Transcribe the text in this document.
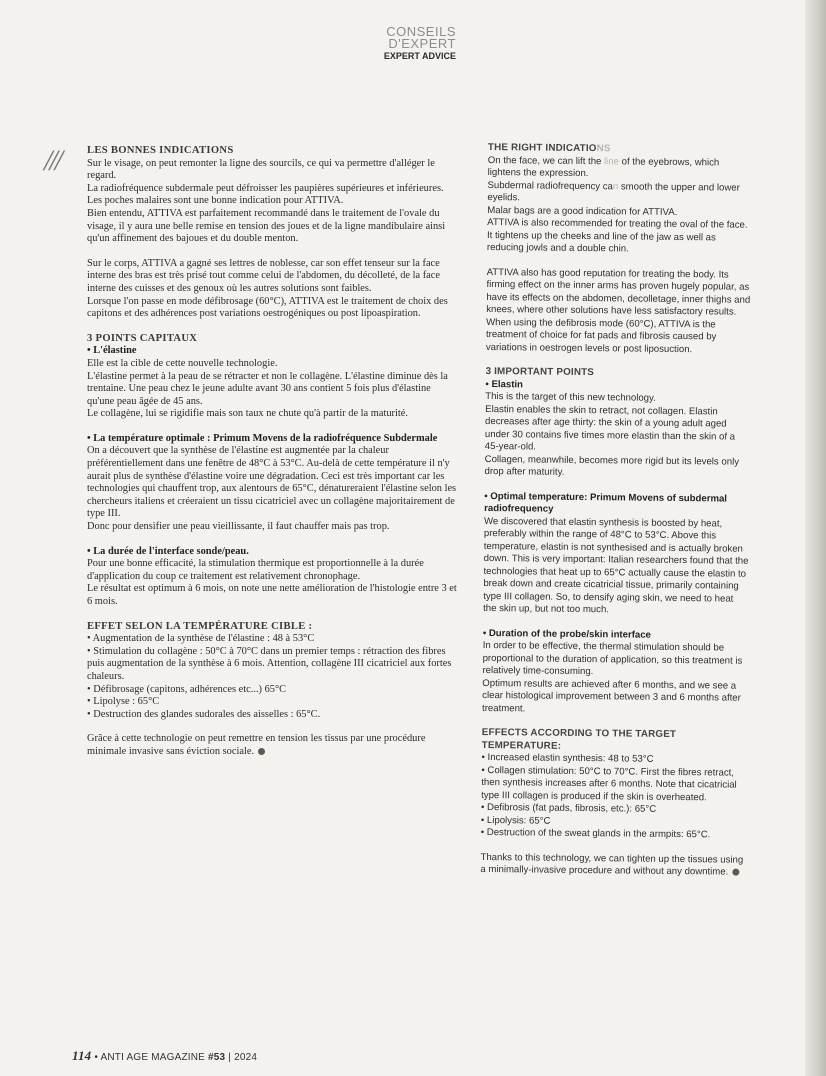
CONSEILS
D'EXPERT
EXPERT ADVICE
///	LES BONNES INDICATIONS

Sur le visage, on peut remonter la ligne des sourcils, ce qui va permettre d'alléger le regard.

La radiofréquence subdermale peut défroisser les paupières supérieures et inférieures.

Les poches malaires sont une bonne indication pour ATTIVA.

Bien entendu, ATTIVA est parfaitement recommandé dans le traitement de l'ovale du visage, il y aura une belle remise en tension des joues et de la ligne mandibulaire ainsi qu'un affinement des bajoues et du double menton.

Sur le corps, ATTIVA a gagné ses lettres de noblesse, car son effet tenseur sur la face interne des bras est très prisé tout comme celui de l'abdomen, du décolleté, de la face interne des cuisses et des genoux où les autres solutions sont faibles.

Lorsque l'on passe en mode défibrosage (60°C), ATTIVA est le traitement de choix des capitons et des adhérences post variations oestrogéniques ou post lipoaspiration.

3 POINTS CAPITAUX

• L'élastine

Elle est la cible de cette nouvelle technologie.

L'élastine permet à la peau de se rétracter et non le collagène. L'élastine diminue dès la trentaine. Une peau chez le jeune adulte avant 30 ans contient 5 fois plus d'élastine qu'une peau âgée de 45 ans.

Le collagène, lui se rigidifie mais son taux ne chute qu'à partir de la maturité.

• La température optimale : Primum Movens de la radiofréquence Subdermale

On a découvert que la synthèse de l'élastine est augmentée par la chaleur préférentiellement dans une fenêtre de 48°C à 53°C. Au-delà de cette température il n'y aurait plus de synthèse d'élastine voire une dégradation. Ceci est très important car les technologies qui chauffent trop, aux alentours de 65°C, dénatureraient l'élastine selon les chercheurs italiens et créeraient un tissu cicatriciel avec un collagène majoritairement de type III.

Donc pour densifier une peau vieillissante, il faut chauffer mais pas trop.

• La durée de l'interface sonde/peau.

Pour une bonne efficacité, la stimulation thermique est proportionnelle à la durée d'application du coup ce traitement est relativement chronophage.

Le résultat est optimum à 6 mois, on note une nette amélioration de l'histologie entre 3 et 6 mois.

EFFET SELON LA TEMPÉRATURE CIBLE :

• Augmentation de la synthèse de l'élastine : 48 à 53°C

• Stimulation du collagène : 50°C à 70°C dans un premier temps : rétraction des fibres puis augmentation de la synthèse à 6 mois. Attention, collagène III cicatriciel aux fortes chaleurs.

• Défibrosage (capitons, adhérences etc...) 65°C

• Lipolyse : 65°C

• Destruction des glandes sudorales des aisselles : 65°C.

Grâce à cette technologie on peut remettre en tension les tissus par une procédure minimale invasive sans éviction sociale.

THE RIGHT INDICATIONS

On the face, we can lift the line of the eyebrows, which lightens the expression.

Subdermal radiofrequency can smooth the upper and lower eyelids.

Malar bags are a good indication for ATTIVA.

ATTIVA is also recommended for treating the oval of the face. It tightens up the cheeks and line of the jaw as well as reducing jowls and a double chin.

ATTIVA also has good reputation for treating the body. Its firming effect on the inner arms has proven hugely popular, as have its effects on the abdomen, decolletage, inner thighs and knees, where other solutions have less satisfactory results.

When using the defibrosis mode (60°C), ATTIVA is the treatment of choice for fat pads and fibrosis caused by variations in oestrogen levels or post liposuction.

3 IMPORTANT POINTS

• Elastin

This is the target of this new technology.

Elastin enables the skin to retract, not collagen. Elastin decreases after age thirty: the skin of a young adult aged under 30 contains five times more elastin than the skin of a 45-year-old.

Collagen, meanwhile, becomes more rigid but its levels only drop after maturity.

• Optimal temperature: Primum Movens of subdermal radiofrequency

We discovered that elastin synthesis is boosted by heat, preferably within the range of 48°C to 53°C. Above this temperature, elastin is not synthesised and is actually broken down. This is very important: Italian researchers found that the technologies that heat up to 65°C actually cause the elastin to break down and create cicatricial tissue, primarily containing type III collagen. So, to densify aging skin, we need to heat the skin up, but not too much.

• Duration of the probe/skin interface

In order to be effective, the thermal stimulation should be proportional to the duration of application, so this treatment is relatively time-consuming.

Optimum results are achieved after 6 months, and we see a clear histological improvement between 3 and 6 months after treatment.

EFFECTS ACCORDING TO THE TARGET TEMPERATURE:

• Increased elastin synthesis: 48 to 53°C

• Collagen stimulation: 50°C to 70°C. First the fibres retract, then synthesis increases after 6 months. Note that cicatricial type III collagen is produced if the skin is overheated.

• Defibrosis (fat pads, fibrosis, etc.): 65°C

• Lipolysis: 65°C

• Destruction of the sweat glands in the armpits: 65°C.

Thanks to this technology, we can tighten up the tissues using a minimally-invasive procedure and without any downtime.

114 • ANTI AGE MAGAZINE #53 | 2024
